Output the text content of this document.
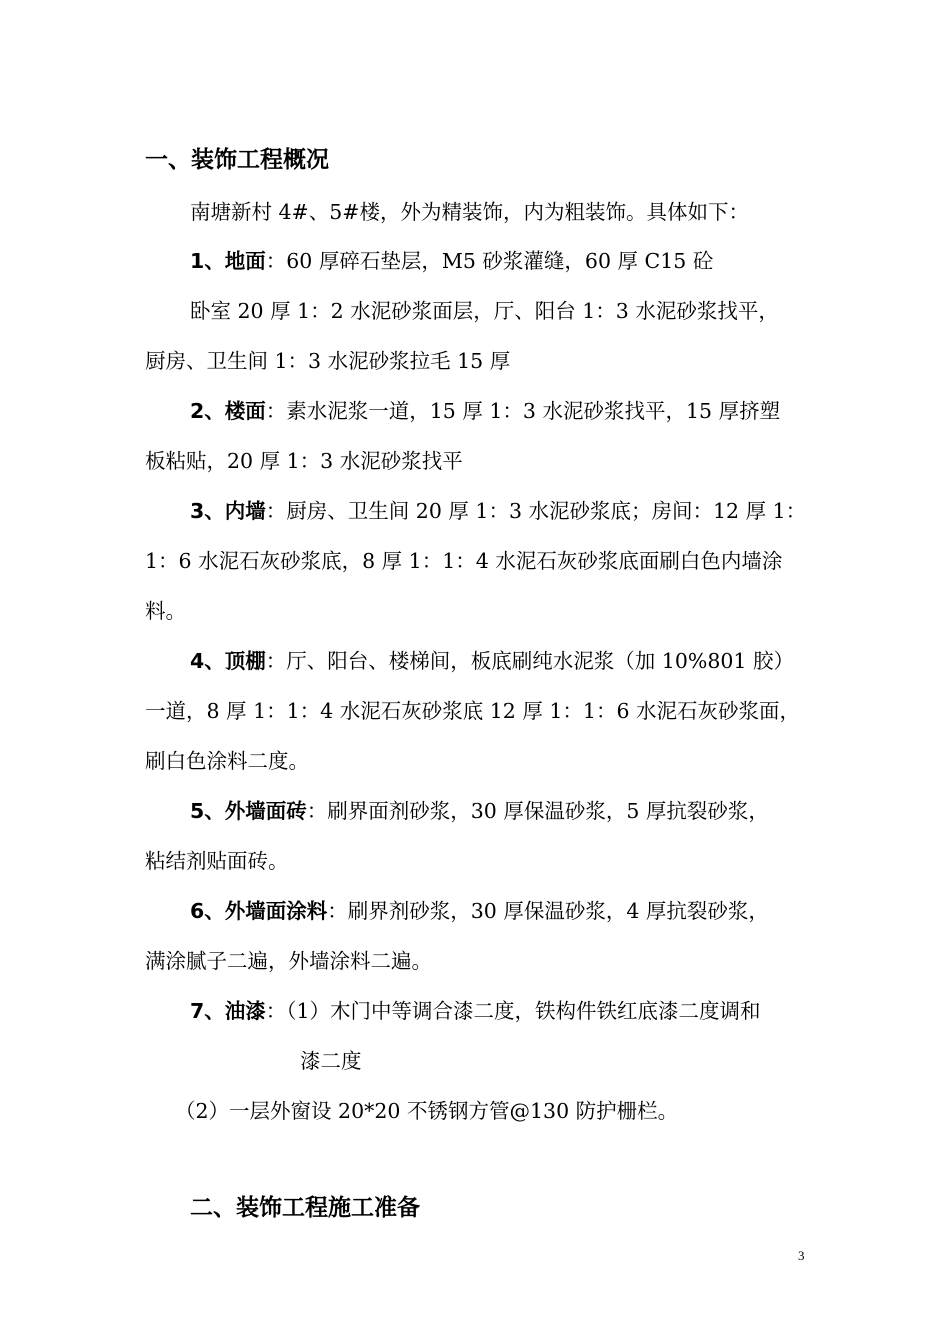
一、装饰工程概况
南塘新村 4#、5#楼，外为精装饰，内为粗装饰。具体如下：
1、地面：60 厚碎石垫层，M5 砂浆灌缝，60 厚 C15 砼
卧室 20 厚 1：2 水泥砂浆面层，厅、阳台 1：3 水泥砂浆找平，
厨房、卫生间 1：3 水泥砂浆拉毛 15 厚
2、楼面：素水泥浆一道，15 厚 1：3 水泥砂浆找平，15 厚挤塑
板粘贴，20 厚 1：3 水泥砂浆找平
3、内墙：厨房、卫生间 20 厚 1：3 水泥砂浆底；房间：12 厚 1：
1：6 水泥石灰砂浆底，8 厚 1：1：4 水泥石灰砂浆底面刷白色内墙涂
料。
4、顶棚：厅、阳台、楼梯间，板底刷纯水泥浆（加 10%801 胶）
一道，8 厚 1：1：4 水泥石灰砂浆底 12 厚 1：1：6 水泥石灰砂浆面，
刷白色涂料二度。
5、外墙面砖：刷界面剂砂浆，30 厚保温砂浆，5 厚抗裂砂浆，
粘结剂贴面砖。
6、外墙面涂料：刷界剂砂浆，30 厚保温砂浆，4 厚抗裂砂浆，
满涂腻子二遍，外墙涂料二遍。
7、油漆：（1）木门中等调合漆二度，铁构件铁红底漆二度调和
漆二度
（2）一层外窗设 20*20 不锈钢方管@130 防护栅栏。
二、装饰工程施工准备
3
